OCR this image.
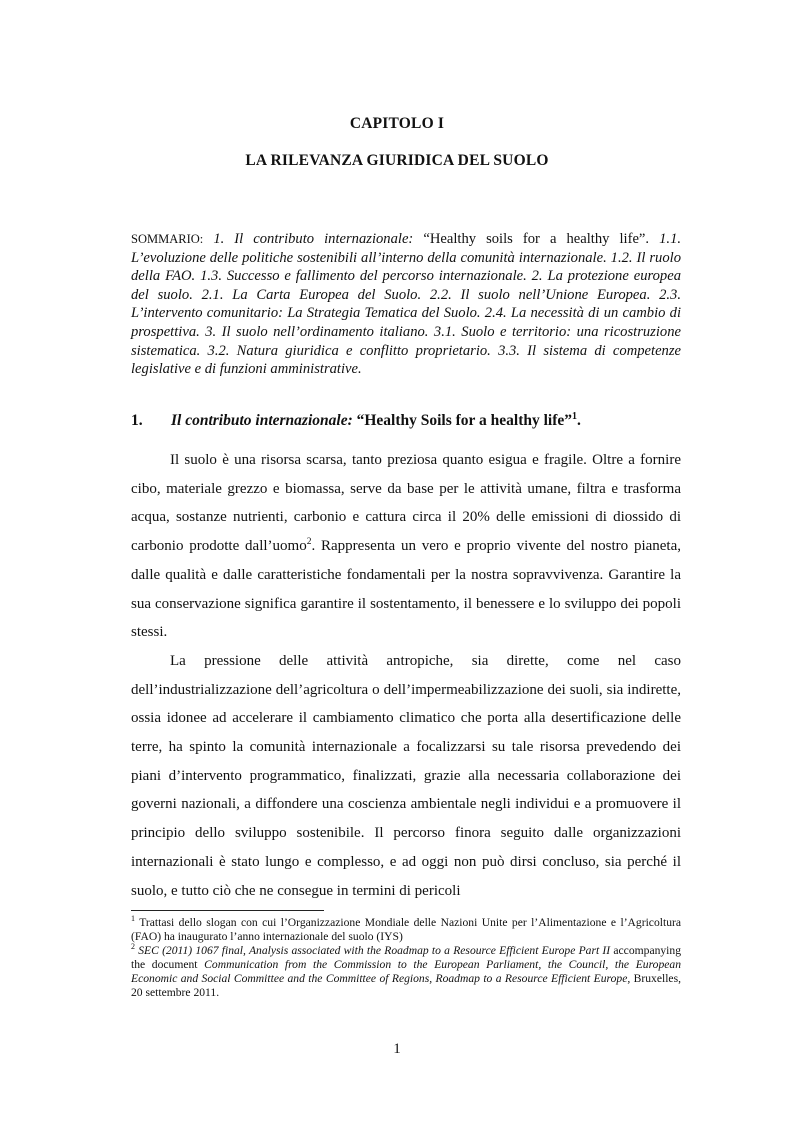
CAPITOLO I
LA RILEVANZA GIURIDICA DEL SUOLO
SOMMARIO: 1. Il contributo internazionale: “Healthy soils for a healthy life”. 1.1. L’evoluzione delle politiche sostenibili all’interno della comunità internazionale. 1.2. Il ruolo della FAO. 1.3. Successo e fallimento del percorso internazionale. 2. La protezione europea del suolo. 2.1. La Carta Europea del Suolo. 2.2. Il suolo nell’Unione Europea. 2.3. L’intervento comunitario: La Strategia Tematica del Suolo. 2.4. La necessità di un cambio di prospettiva. 3. Il suolo nell’ordinamento italiano. 3.1. Suolo e territorio: una ricostruzione sistematica. 3.2. Natura giuridica e conflitto proprietario. 3.3. Il sistema di competenze legislative e di funzioni amministrative.
1. Il contributo internazionale: “Healthy Soils for a healthy life”$^1$.

Il suolo è una risorsa scarsa, tanto preziosa quanto esigua e fragile. Oltre a fornire cibo, materiale grezzo e biomassa, serve da base per le attività umane, filtra e trasforma acqua, sostanze nutrienti, carbonio e cattura circa il 20% delle emissioni di diossido di carbonio prodotte dall’uomo$^2$. Rappresenta un vero e proprio vivente del nostro pianeta, dalle qualità e dalle caratteristiche fondamentali per la nostra sopravvivenza. Garantire la sua conservazione significa garantire il sostentamento, il benessere e lo sviluppo dei popoli stessi.

La pressione delle attività antropiche, sia dirette, come nel caso dell’industrializzazione dell’agricoltura o dell’impermeabilizzazione dei suoli, sia indirette, ossia idonee ad accelerare il cambiamento climatico che porta alla desertificazione delle terre, ha spinto la comunità internazionale a focalizzarsi su tale risorsa prevedendo dei piani d’intervento programmatico, finalizzati, grazie alla necessaria collaborazione dei governi nazionali, a diffondere una coscienza ambientale negli individui e a promuovere il principio dello sviluppo sostenibile. Il percorso finora seguito dalle organizzazioni internazionali è stato lungo e complesso, e ad oggi non può dirsi concluso, sia perché il suolo, e tutto ciò che ne consegue in termini di pericoli

$^1$ Trattasi dello slogan con cui l’Organizzazione Mondiale delle Nazioni Unite per l’Alimentazione e l’Agricoltura (FAO) ha inaugurato l’anno internazionale del suolo (IYS)

$^2$ SEC (2011) 1067 final, Analysis associated with the Roadmap to a Resource Efficient Europe Part II accompanying the document Communication from the Commission to the European Parliament, the Council, the European Economic and Social Committee and the Committee of Regions, Roadmap to a Resource Efficient Europe, Bruxelles, 20 settembre 2011.

1
